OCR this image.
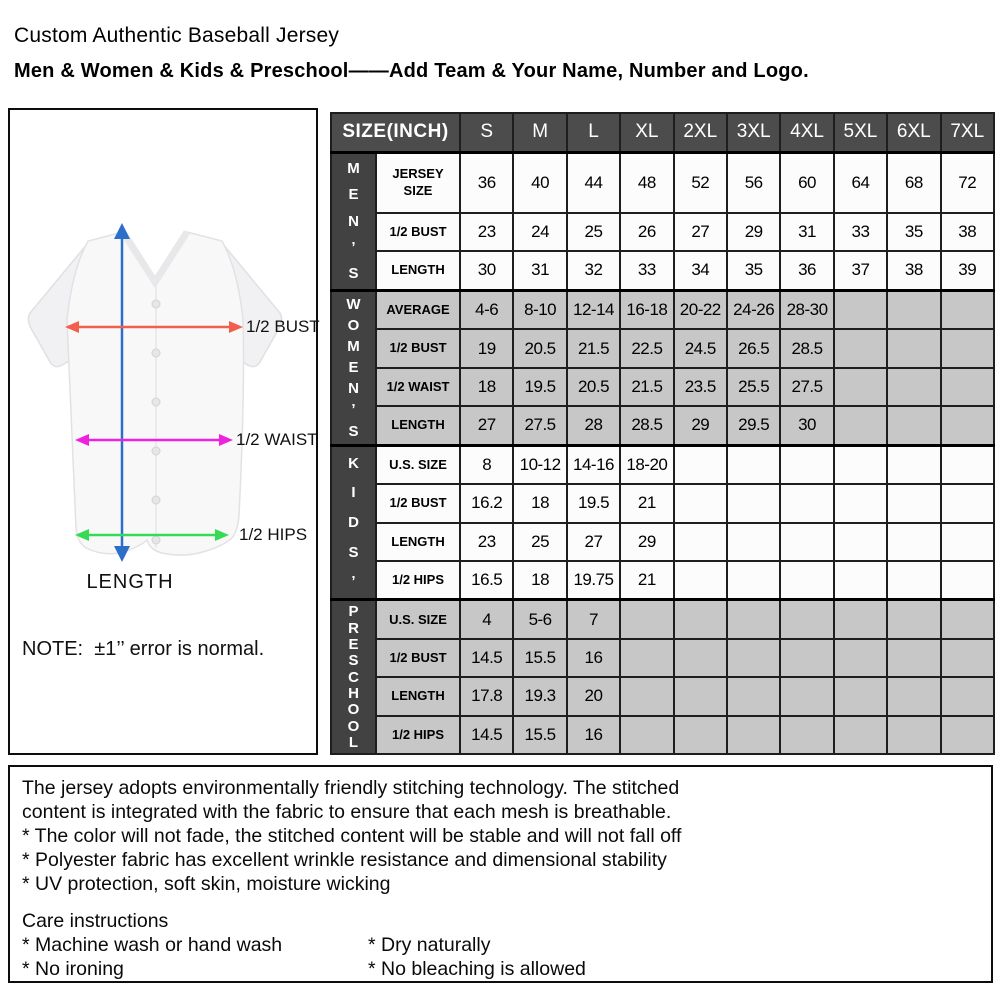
Custom Authentic Baseball Jersey
Men & Women & Kids & Preschool——Add Team & Your Name, Number and Logo.
1/2 BUST
1/2 WAIST
1/2 HIPS
LENGTH
NOTE:  ±1’’ error is normal.
SIZE(INCH)		S	M	L	XL	2XL	3XL	4XL	5XL	6XL	7XL

M
E
N
’
S	JERSEY SIZE	36	40	44	48	52	56	60	64	68	72
	1/2 BUST	23	24	25	26	27	29	31	33	35	38
	LENGTH	30	31	32	33	34	35	36	37	38	39

W
O
M
E
N
’
S
	AVERAGE	4-6	8-10	12-14	16-18	20-22	24-26	28-30			
	1/2 BUST	19	20.5	21.5	22.5	24.5	26.5	28.5			
	1/2 WAIST	18	19.5	20.5	21.5	23.5	25.5	27.5			
	LENGTH	27	27.5	28	28.5	29	29.5	30			

K
I
D
S
’	U.S. SIZE	8	10-12	14-16	18-20						
	1/2 BUST	16.2	18	19.5	21						
	LENGTH	23	25	27	29						
	1/2 HIPS	16.5	18	19.75	21						

P
R
E
S
C
H
O
O
L
	U.S. SIZE	4	5-6	7							
	1/2 BUST	14.5	15.5	16							
	LENGTH	17.8	19.3	20							
	1/2 HIPS	14.5	15.5	16							
The jersey adopts environmentally friendly stitching technology. The stitched
content is integrated with the fabric to ensure that each mesh is breathable.
* The color will not fade, the stitched content will be stable and will not fall off
* Polyester fabric has excellent wrinkle resistance and dimensional stability
* UV protection, soft skin, moisture wicking
Care instructions
* Machine wash or hand wash	* Dry naturally
* No ironing	* No bleaching is allowed
